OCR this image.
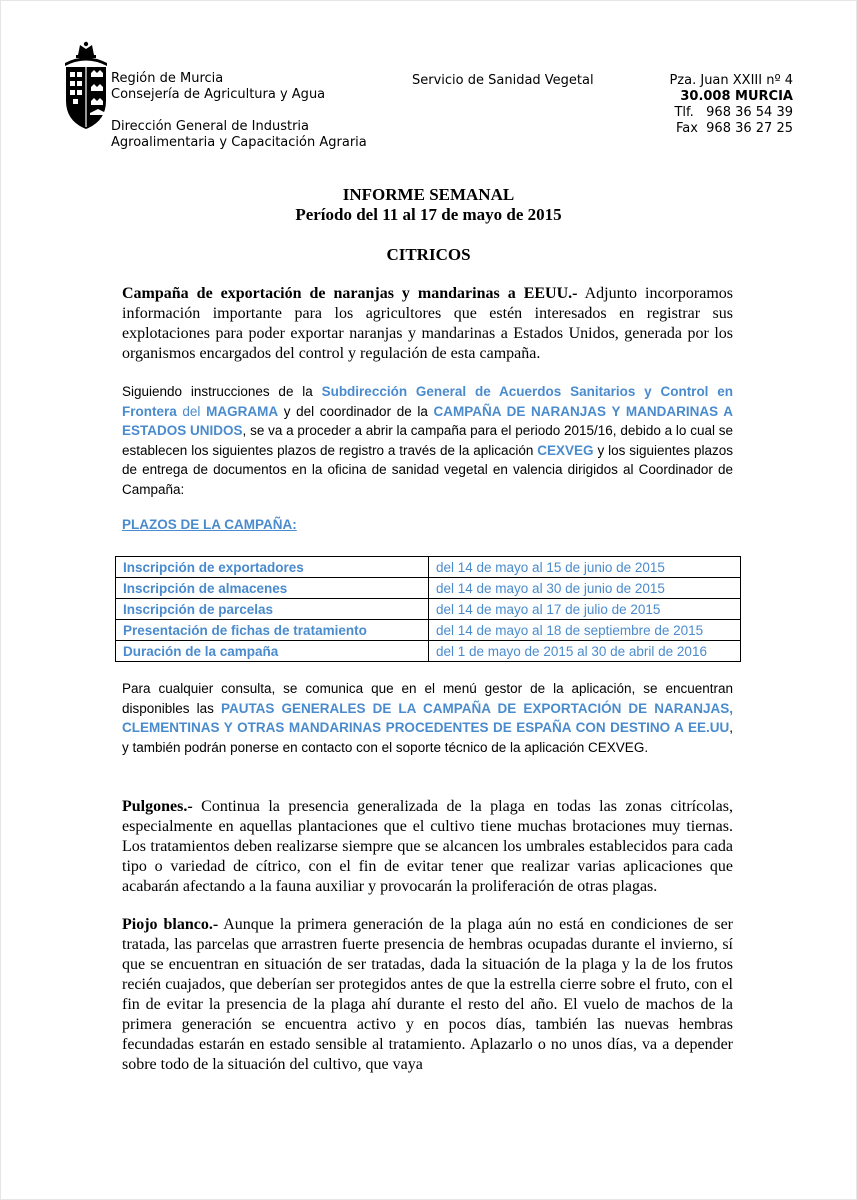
Región de Murcia
Consejería de Agricultura y Agua
Dirección General de Industria
Agroalimentaria y Capacitación Agraria
Servicio de Sanidad Vegetal	Pza. Juan XXIII nº 4
30.008 MURCIA
Tlf.   968 36 54 39
Fax  968 36 27 25
INFORME SEMANAL
Período del 11 al 17 de mayo de 2015
CITRICOS
Campaña de exportación de naranjas y mandarinas a EEUU.- Adjunto incorporamos información importante para los agricultores que estén interesados en registrar sus explotaciones para poder exportar naranjas y mandarinas a Estados Unidos, generada por los organismos encargados del control y regulación de esta campaña.
Siguiendo instrucciones de la Subdirección General de Acuerdos Sanitarios y Control en Frontera del MAGRAMA y del coordinador de la CAMPAÑA DE NARANJAS Y MANDARINAS A ESTADOS UNIDOS, se va a proceder a abrir la campaña para el periodo 2015/16, debido a lo cual se establecen los siguientes plazos de registro a través de la aplicación CEXVEG y los siguientes plazos de entrega de documentos en la oficina de sanidad vegetal en valencia dirigidos al Coordinador de Campaña:
PLAZOS DE LA CAMPAÑA:
Inscripción de exportadores	del 14 de mayo al 15 de junio de 2015
Inscripción de almacenes	del 14 de mayo al 30 de junio de 2015
Inscripción de parcelas	del 14 de mayo al 17 de julio de 2015
Presentación de fichas de tratamiento	del 14 de mayo al 18 de septiembre de 2015
Duración de la campaña	del 1 de mayo de 2015 al 30 de abril de 2016
Para cualquier consulta, se comunica que en el menú gestor de la aplicación, se encuentran disponibles las PAUTAS GENERALES DE LA CAMPAÑA DE EXPORTACIÓN DE NARANJAS, CLEMENTINAS Y OTRAS MANDARINAS PROCEDENTES DE ESPAÑA CON DESTINO A EE.UU, y también podrán ponerse en contacto con el soporte técnico de la aplicación CEXVEG.
Pulgones.- Continua la presencia generalizada de la plaga en todas las zonas citrícolas, especialmente en aquellas plantaciones que el cultivo tiene muchas brotaciones muy tiernas. Los tratamientos deben realizarse siempre que se alcancen los umbrales establecidos para cada tipo o variedad de cítrico, con el fin de evitar tener que realizar varias aplicaciones que acabarán afectando a la fauna auxiliar y provocarán la proliferación de otras plagas.
Piojo blanco.- Aunque la primera generación de la plaga aún no está en condiciones de ser tratada, las parcelas que arrastren fuerte presencia de hembras ocupadas durante el invierno, sí que se encuentran en situación de ser tratadas, dada la situación de la plaga y la de los frutos recién cuajados, que deberían ser protegidos antes de que la estrella cierre sobre el fruto, con el fin de evitar la presencia de la plaga ahí durante el resto del año. El vuelo de machos de la primera generación se encuentra activo y en pocos días, también las nuevas hembras fecundadas estarán en estado sensible al tratamiento. Aplazarlo o no unos días, va a depender sobre todo de la situación del cultivo, que vaya
